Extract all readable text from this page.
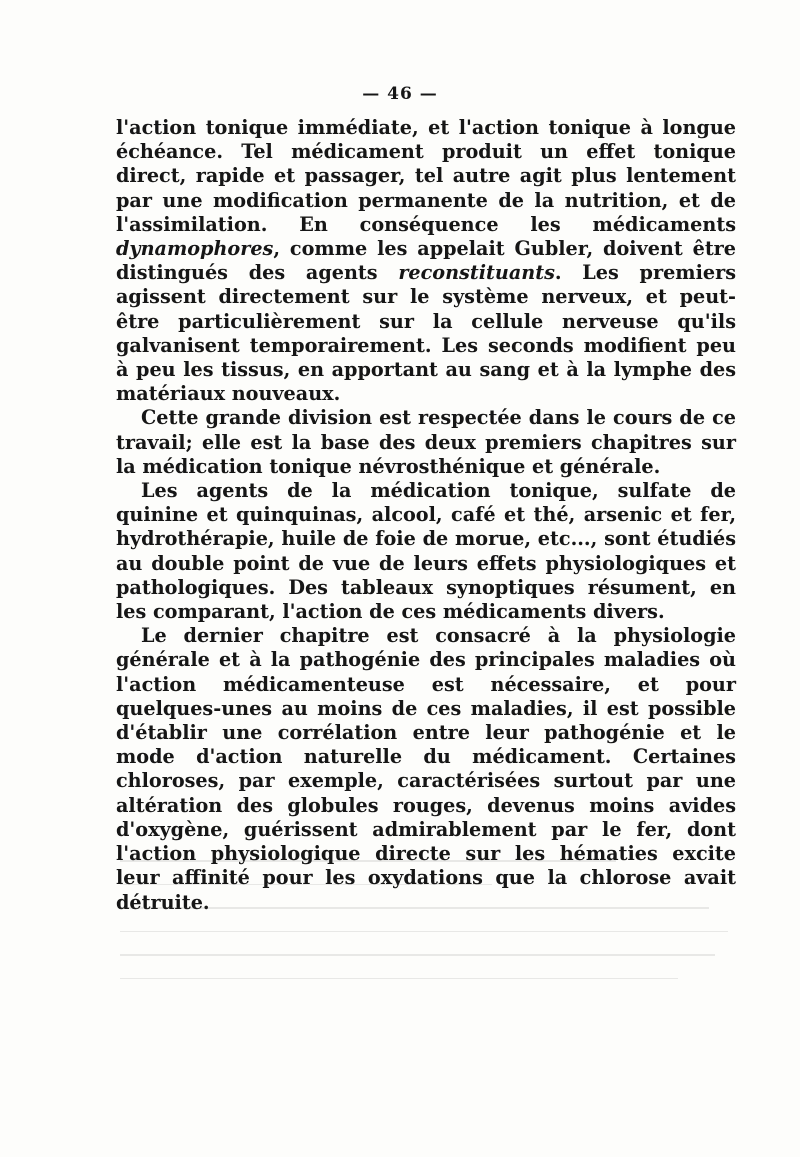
— 46 —

l'action tonique immédiate, et l'action tonique à longue échéance. Tel médicament produit un effet tonique direct, rapide et passager, tel autre agit plus lentement par une modification permanente de la nutrition, et de l'assimilation. En conséquence les médicaments dynamophores, comme les appelait Gubler, doivent être distingués des agents reconstituants. Les premiers agissent directement sur le système nerveux, et peut-être particulièrement sur la cellule nerveuse qu'ils galvanisent temporairement. Les seconds modifient peu à peu les tissus, en apportant au sang et à la lymphe des matériaux nouveaux.

Cette grande division est respectée dans le cours de ce travail; elle est la base des deux premiers chapitres sur la médication tonique névrosthénique et générale.

Les agents de la médication tonique, sulfate de quinine et quinquinas, alcool, café et thé, arsenic et fer, hydrothérapie, huile de foie de morue, etc..., sont étudiés au double point de vue de leurs effets physiologiques et pathologiques. Des tableaux synoptiques résument, en les comparant, l'action de ces médicaments divers.

Le dernier chapitre est consacré à la physiologie générale et à la pathogénie des principales maladies où l'action médicamenteuse est nécessaire, et pour quelques-unes au moins de ces maladies, il est possible d'établir une corrélation entre leur pathogénie et le mode d'action naturelle du médicament. Certaines chloroses, par exemple, caractérisées surtout par une altération des globules rouges, devenus moins avides d'oxygène, guérissent admirablement par le fer, dont l'action physiologique directe sur les hématies excite leur affinité pour les oxydations que la chlorose avait détruite.
